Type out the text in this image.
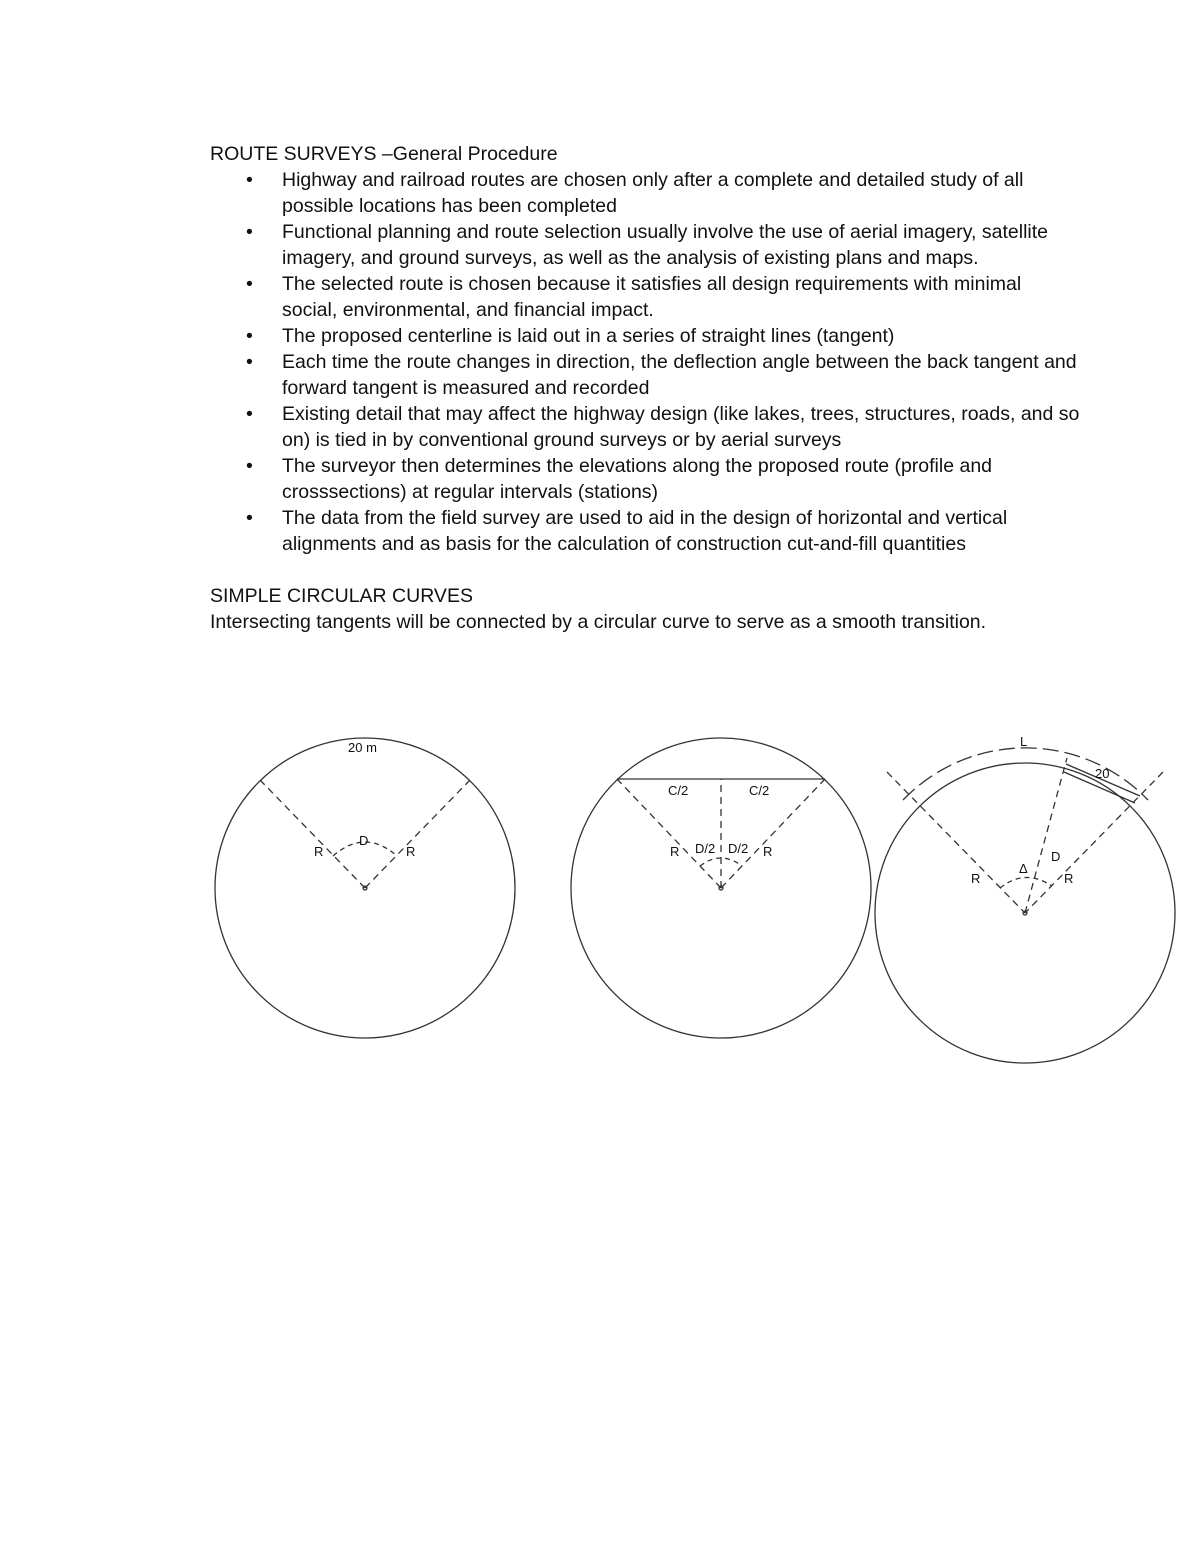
ROUTE SURVEYS –General Procedure
• Highway and railroad routes are chosen only after a complete and detailed study of all possible locations has been completed
• Functional planning and route selection usually involve the use of aerial imagery, satellite imagery, and ground surveys, as well as the analysis of existing plans and maps.
• The selected route is chosen because it satisfies all design requirements with minimal social, environmental, and financial impact.
• The proposed centerline is laid out in a series of straight lines (tangent)
• Each time the route changes in direction, the deflection angle between the back tangent and forward tangent is measured and recorded
• Existing detail that may affect the highway design (like lakes, trees, structures, roads, and so on) is tied in by conventional ground surveys or by aerial surveys
• The surveyor then determines the elevations along the proposed route (profile and crosssections) at regular intervals (stations)
• The data from the field survey are used to aid in the design of horizontal and vertical alignments and as basis for the calculation of construction cut-and-fill quantities
SIMPLE CIRCULAR CURVES

Intersecting tangents will be connected by a circular curve to serve as a smooth transition.

20 m
R	R
D
C/2	C/2
R	R
D/2 D/2
L
20
R	R
Δ
D
